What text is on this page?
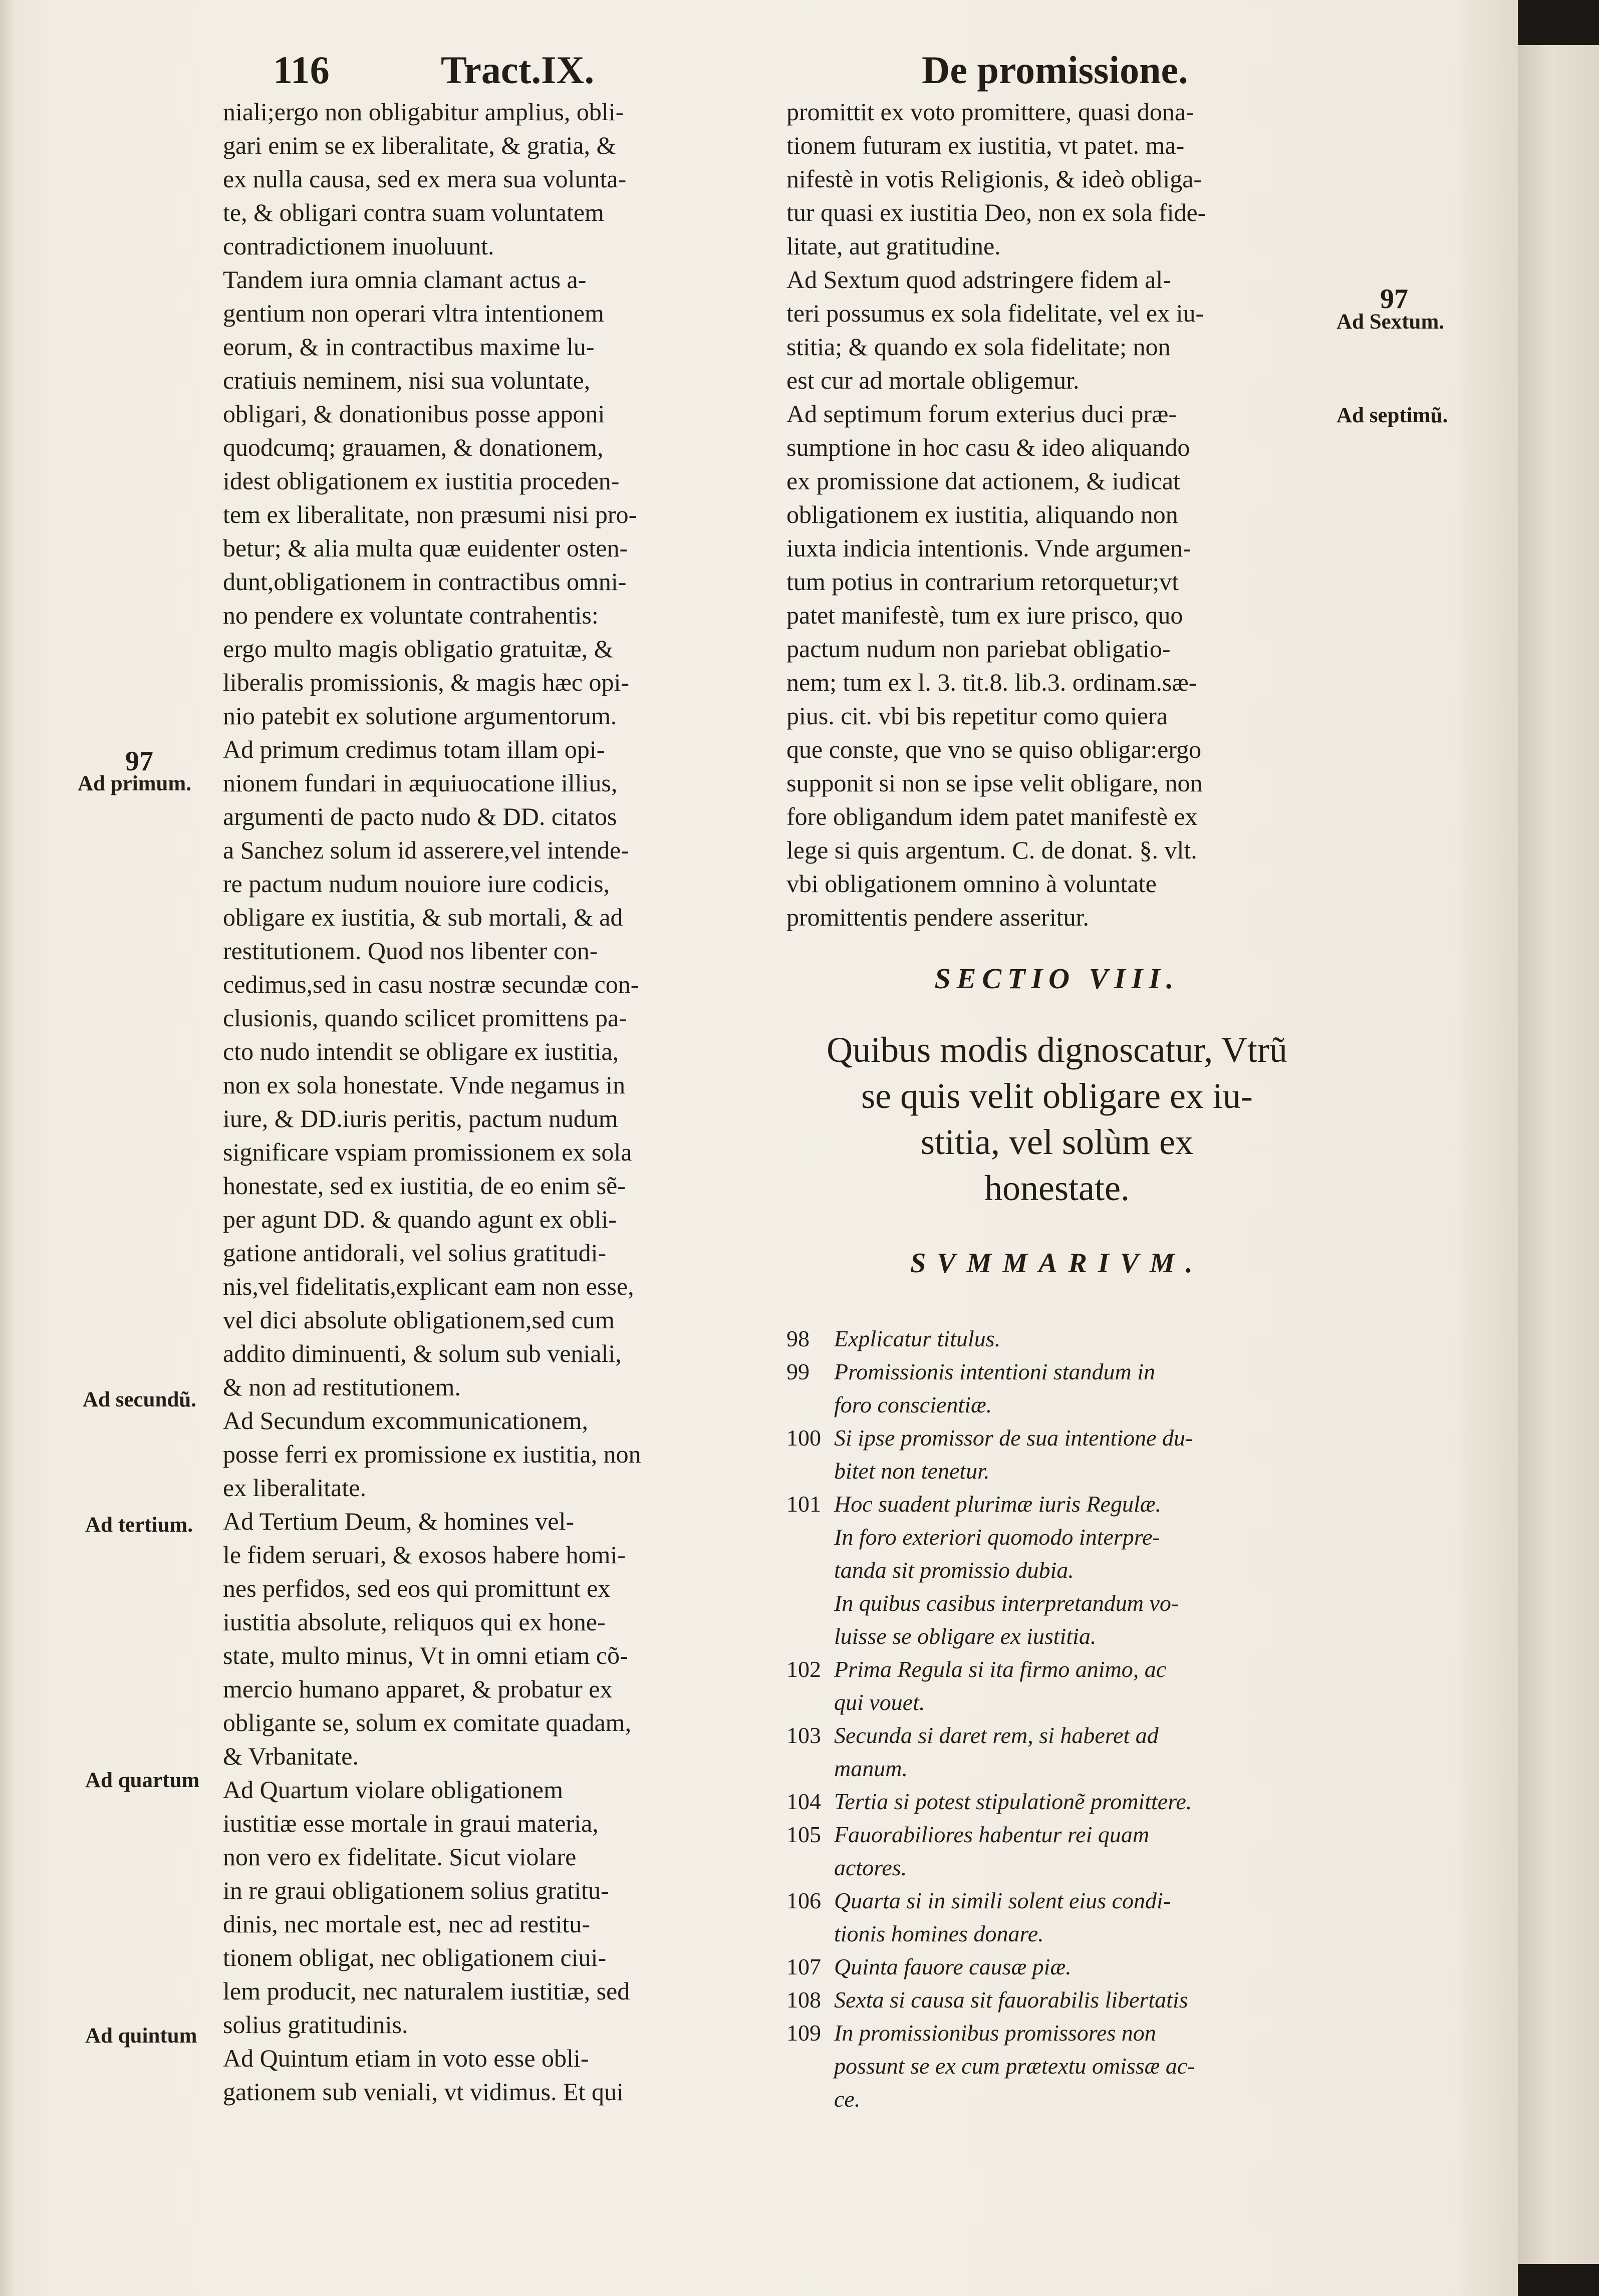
116	Tract.IX.	De promissione.
niali;ergo non obligabitur amplius, obli-
gari enim se ex liberalitate, & gratia, &
ex nulla causa, sed ex mera sua volunta-
te, & obligari contra suam voluntatem
contradictionem inuoluunt.
Tandem iura omnia clamant actus a-
gentium non operari vltra intentionem
eorum, & in contractibus maxime lu-
cratiuis neminem, nisi sua voluntate,
obligari, & donationibus posse apponi
quodcumq; grauamen, & donationem,
idest obligationem ex iustitia proceden-
tem ex liberalitate, non præsumi nisi pro-
betur; & alia multa quæ euidenter osten-
dunt,obligationem in contractibus omni-
no pendere ex voluntate contrahentis:
ergo multo magis obligatio gratuitæ, &
liberalis promissionis, & magis hæc opi-
nio patebit ex solutione argumentorum.
Ad primum credimus totam illam opi-
nionem fundari in æquiuocatione illius,
argumenti de pacto nudo & DD. citatos
a Sanchez solum id asserere,vel intende-
re pactum nudum nouiore iure codicis,
obligare ex iustitia, & sub mortali, & ad
restitutionem. Quod nos libenter con-
cedimus,sed in casu nostræ secundæ con-
clusionis, quando scilicet promittens pa-
cto nudo intendit se obligare ex iustitia,
non ex sola honestate. Vnde negamus in
iure, & DD.iuris peritis, pactum nudum
significare vspiam promissionem ex sola
honestate, sed ex iustitia, de eo enim sẽ-
per agunt DD. & quando agunt ex obli-
gatione antidorali, vel solius gratitudi-
nis,vel fidelitatis,explicant eam non esse,
vel dici absolute obligationem,sed cum
addito diminuenti, & solum sub veniali,
& non ad restitutionem.
Ad Secundum excommunicationem,
posse ferri ex promissione ex iustitia, non
ex liberalitate.
Ad Tertium Deum, & homines vel-
le fidem seruari, & exosos habere homi-
nes perfidos, sed eos qui promittunt ex
iustitia absolute, reliquos qui ex hone-
state, multo minus, Vt in omni etiam cõ-
mercio humano apparet, & probatur ex
obligante se, solum ex comitate quadam,
& Vrbanitate.
Ad Quartum violare obligationem
iustitiæ esse mortale in graui materia,
non vero ex fidelitate. Sicut violare
in re graui obligationem solius gratitu-
dinis, nec mortale est, nec ad restitu-
tionem obligat, nec obligationem ciui-
lem producit, nec naturalem iustitiæ, sed
solius gratitudinis.
Ad Quintum etiam in voto esse obli-
gationem sub veniali, vt vidimus. Et qui
promittit ex voto promittere, quasi dona-
tionem futuram ex iustitia, vt patet. ma-
nifestè in votis Religionis, & ideò obliga-
tur quasi ex iustitia Deo, non ex sola fide-
litate, aut gratitudine.
Ad Sextum quod adstringere fidem al-
teri possumus ex sola fidelitate, vel ex iu-
stitia; & quando ex sola fidelitate; non
est cur ad mortale obligemur.
Ad septimum forum exterius duci præ-
sumptione in hoc casu & ideo aliquando
ex promissione dat actionem, & iudicat
obligationem ex iustitia, aliquando non
iuxta indicia intentionis. Vnde argumen-
tum potius in contrarium retorquetur;vt
patet manifestè, tum ex iure prisco, quo
pactum nudum non pariebat obligatio-
nem; tum ex l. 3. tit.8. lib.3. ordinam.sæ-
pius. cit. vbi bis repetitur como quiera
que conste, que vno se quiso obligar:ergo
supponit si non se ipse velit obligare, non
fore obligandum idem patet manifestè ex
lege si quis argentum. C. de donat. §. vlt.
vbi obligationem omnino à voluntate
promittentis pendere asseritur.
97
Ad primum.
Ad secundũ.
Ad tertium.
Ad quartum
Ad quintum
97
Ad Sextum.
Ad septimũ.
SECTIO VIII.
Quibus modis dignoscatur, Vtrũ
se quis velit obligare ex iu-
stitia, vel solùm ex
honestate.
SVMMARIVM.
98 Explicatur titulus.
99 Promissionis intentioni standum in
foro conscientiæ.
100 Si ipse promissor de sua intentione du-
bitet non tenetur.
101 Hoc suadent plurimæ iuris Regulæ.
In foro exteriori quomodo interpre-
tanda sit promissio dubia.
In quibus casibus interpretandum vo-
luisse se obligare ex iustitia.
102 Prima Regula si ita firmo animo, ac
qui vouet.
103 Secunda si daret rem, si haberet ad
manum.
104 Tertia si potest stipulationẽ promittere.
105 Fauorabiliores habentur rei quam
actores.
106 Quarta si in simili solent eius condi-
tionis homines donare.
107 Quinta fauore causæ piæ.
108 Sexta si causa sit fauorabilis libertatis
109 In promissionibus promissores non
possunt se ex cum prætextu omissæ ac-
ce.
